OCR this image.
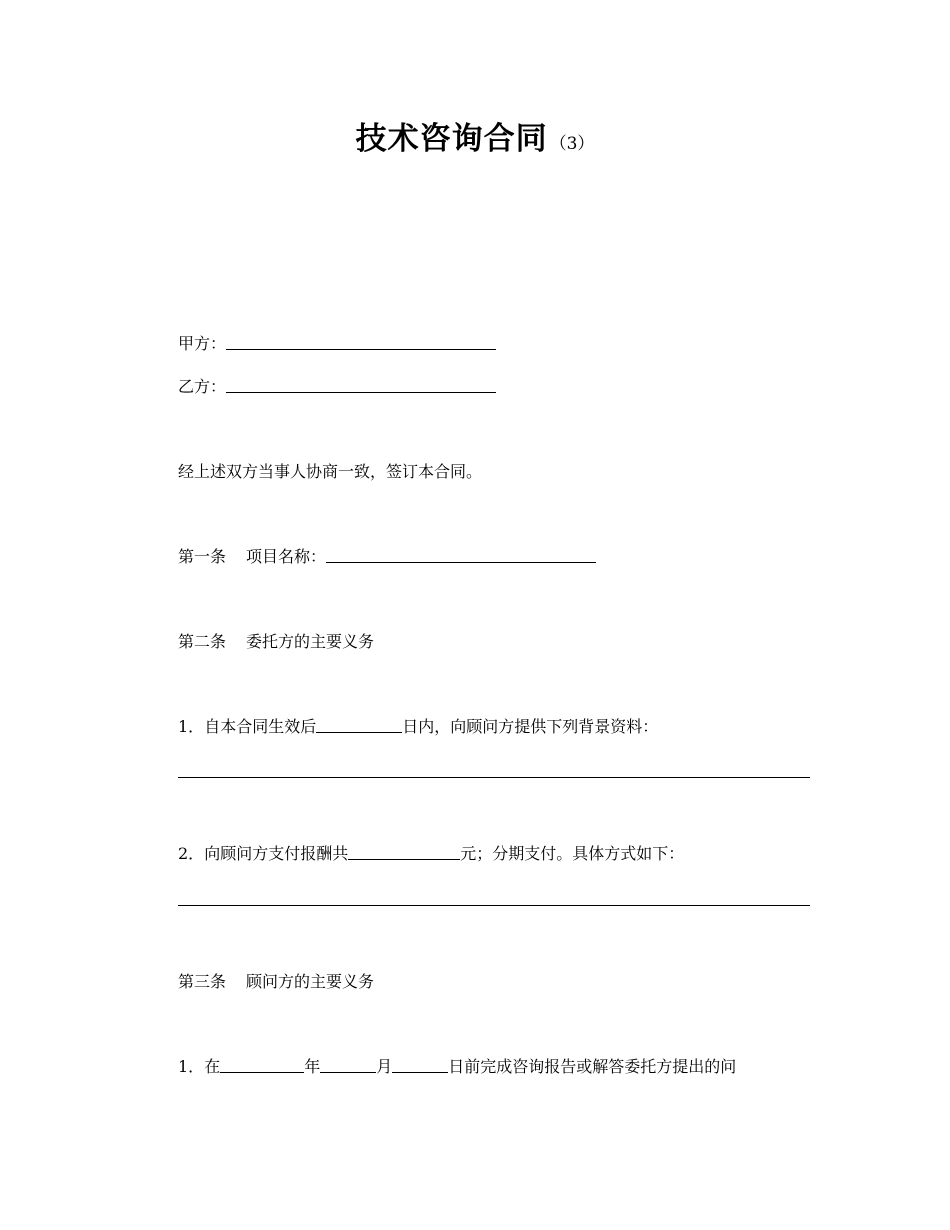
技术咨询合同 （3）
甲方：
乙方：
经上述双方当事人协商一致，签订本合同。
第一条 项目名称：
第二条 委托方的主要义务
1．自本合同生效后	日内，向顾问方提供下列背景资料：
2．向顾问方支付报酬共	元；分期支付。具体方式如下：
第三条 顾问方的主要义务
1．在	年	月	日前完成咨询报告或解答委托方提出的问
